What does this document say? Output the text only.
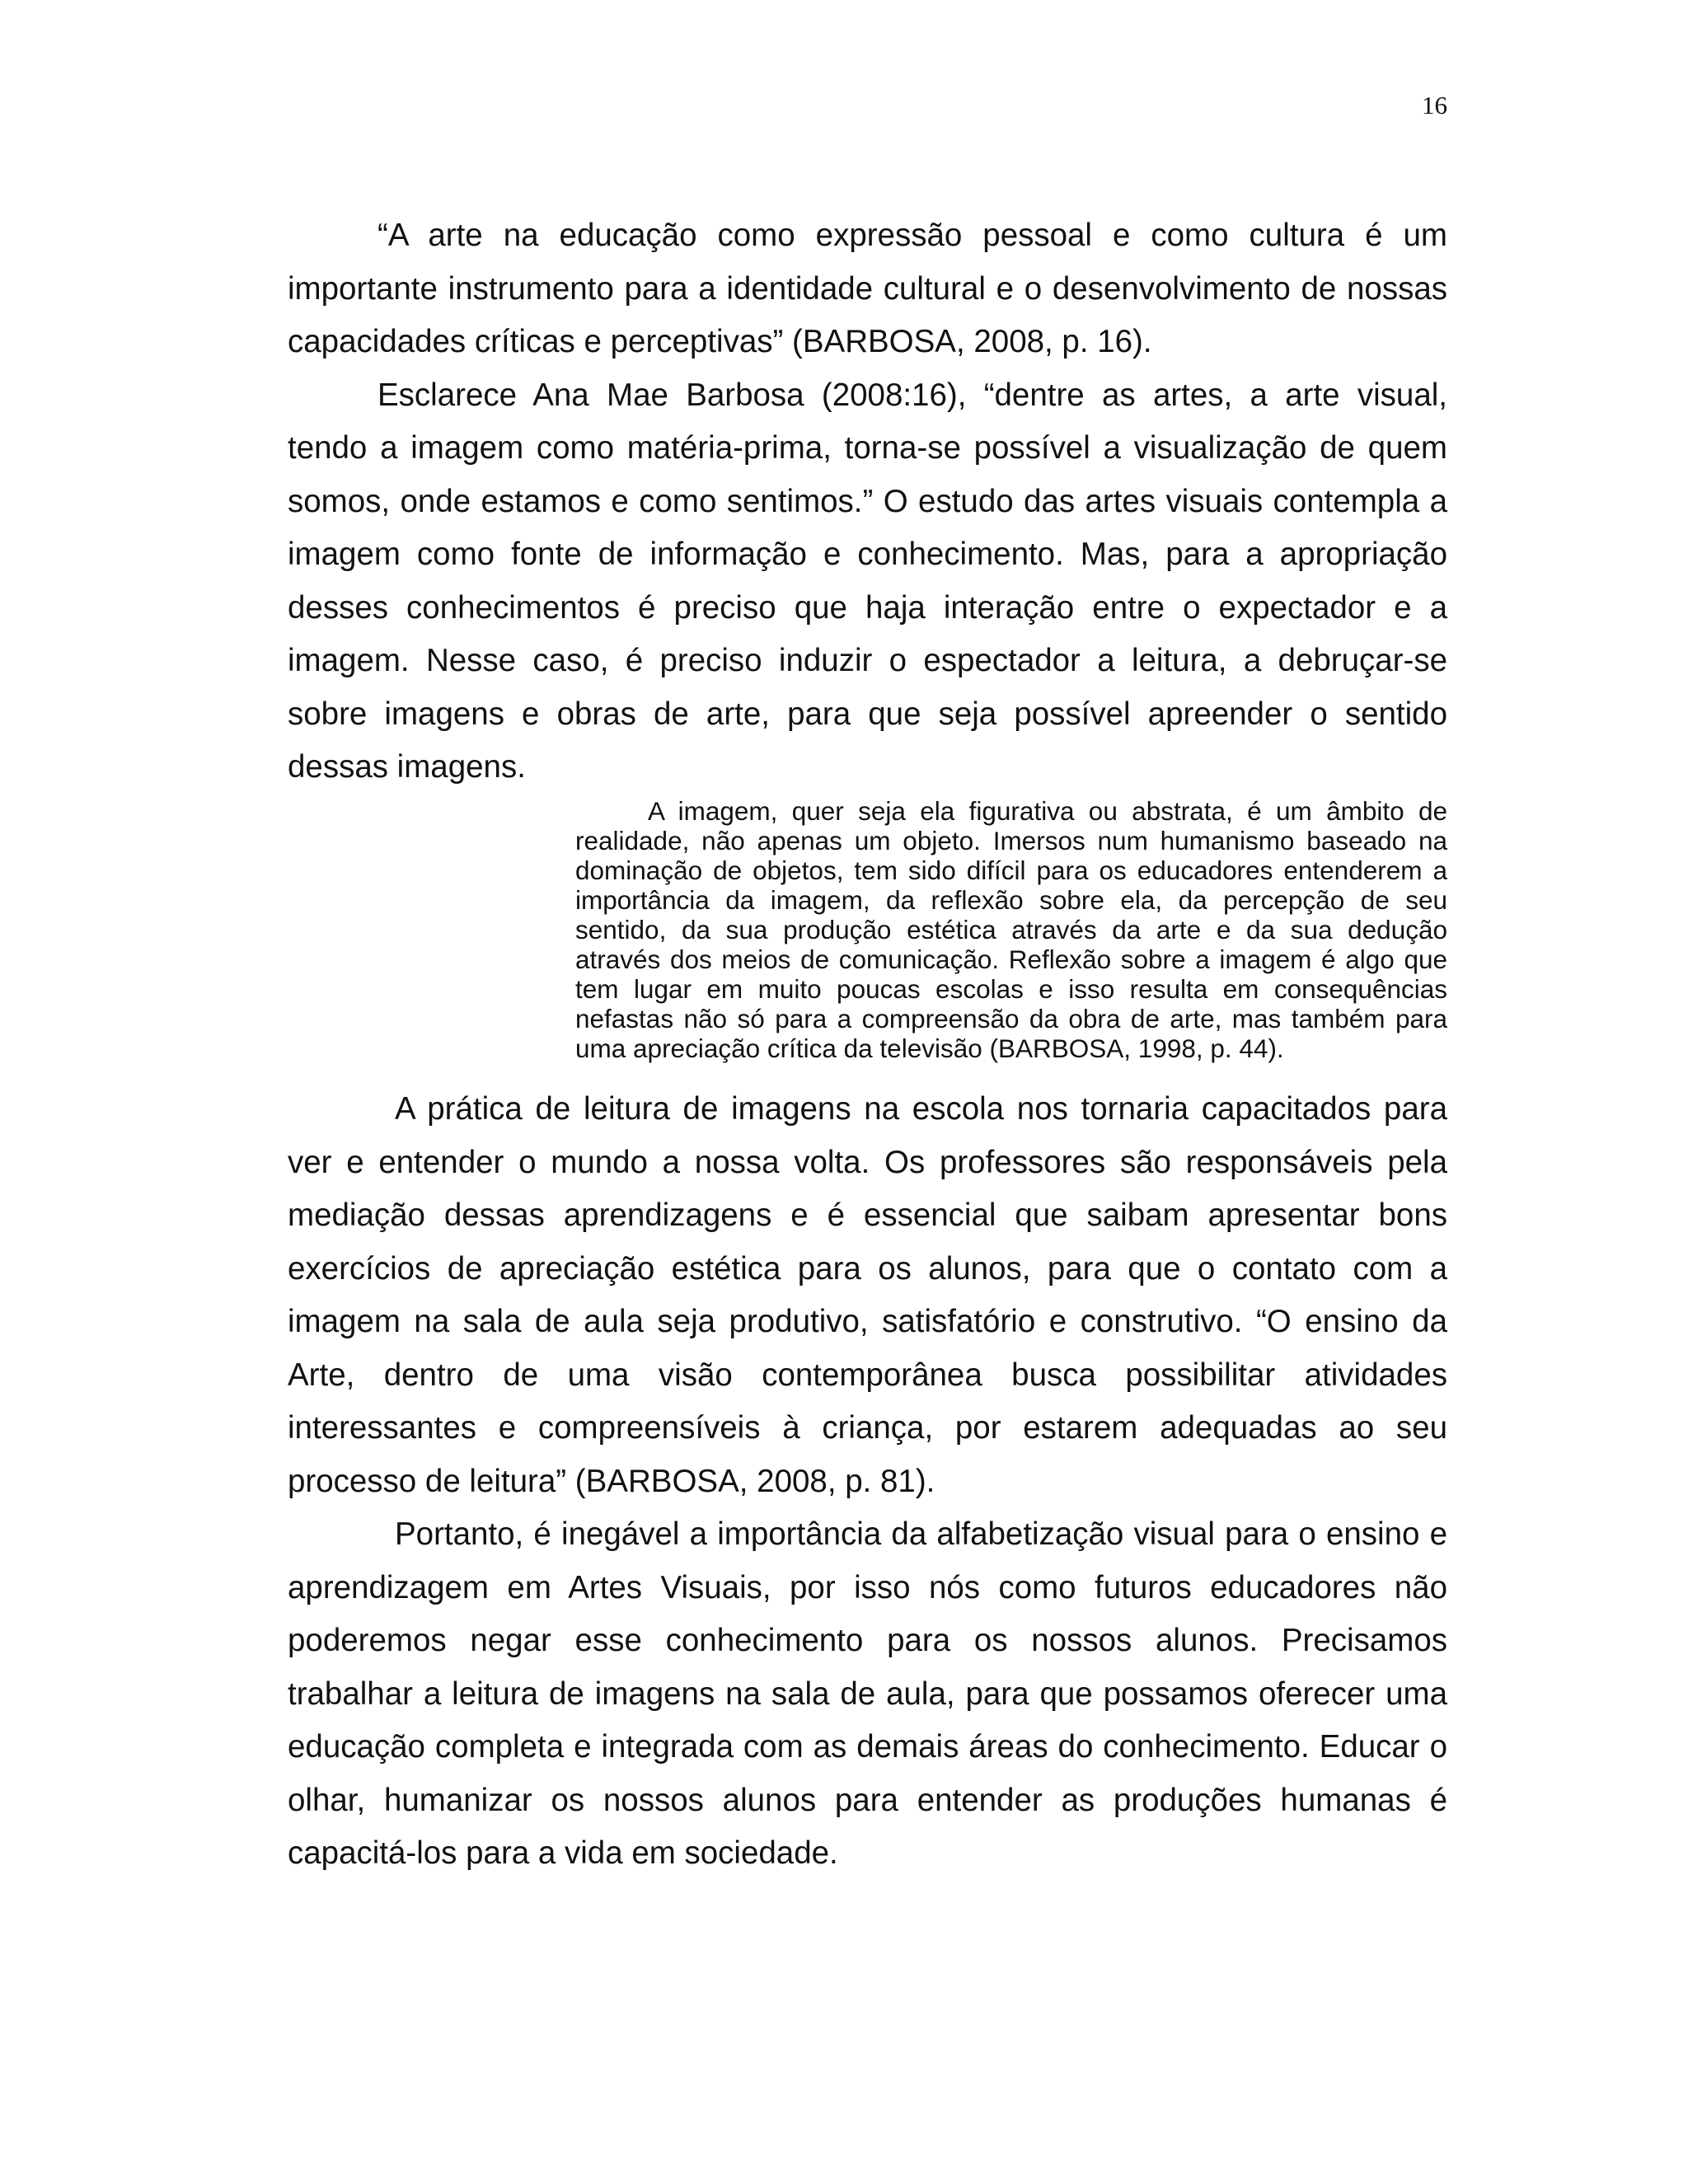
16

“A arte na educação como expressão pessoal e como cultura é um importante instrumento para a identidade cultural e o desenvolvimento de nossas capacidades críticas e perceptivas” (BARBOSA, 2008, p. 16).

Esclarece Ana Mae Barbosa (2008:16), “dentre as artes, a arte visual, tendo a imagem como matéria-prima, torna-se possível a visualização de quem somos, onde estamos e como sentimos.” O estudo das artes visuais contempla a imagem como fonte de informação e conhecimento. Mas, para a apropriação desses conhecimentos é preciso que haja interação entre o expectador e a imagem. Nesse caso, é preciso induzir o espectador a leitura, a debruçar-se sobre imagens e obras de arte, para que seja possível apreender o sentido dessas imagens.

A imagem, quer seja ela figurativa ou abstrata, é um âmbito de realidade, não apenas um objeto. Imersos num humanismo baseado na dominação de objetos, tem sido difícil para os educadores entenderem a importância da imagem, da reflexão sobre ela, da percepção de seu sentido, da sua produção estética através da arte e da sua dedução através dos meios de comunicação. Reflexão sobre a imagem é algo que tem lugar em muito poucas escolas e isso resulta em consequências nefastas não só para a compreensão da obra de arte, mas também para uma apreciação crítica da televisão (BARBOSA, 1998, p. 44).

A prática de leitura de imagens na escola nos tornaria capacitados para ver e entender o mundo a nossa volta. Os professores são responsáveis pela mediação dessas aprendizagens e é essencial que saibam apresentar bons exercícios de apreciação estética para os alunos, para que o contato com a imagem na sala de aula seja produtivo, satisfatório e construtivo. “O ensino da Arte, dentro de uma visão contemporânea busca possibilitar atividades interessantes e compreensíveis à criança, por estarem adequadas ao seu processo de leitura” (BARBOSA, 2008, p. 81).

Portanto, é inegável a importância da alfabetização visual para o ensino e aprendizagem em Artes Visuais, por isso nós como futuros educadores não poderemos negar esse conhecimento para os nossos alunos. Precisamos trabalhar a leitura de imagens na sala de aula, para que possamos oferecer uma educação completa e integrada com as demais áreas do conhecimento. Educar o olhar, humanizar os nossos alunos para entender as produções humanas é capacitá-los para a vida em sociedade.
